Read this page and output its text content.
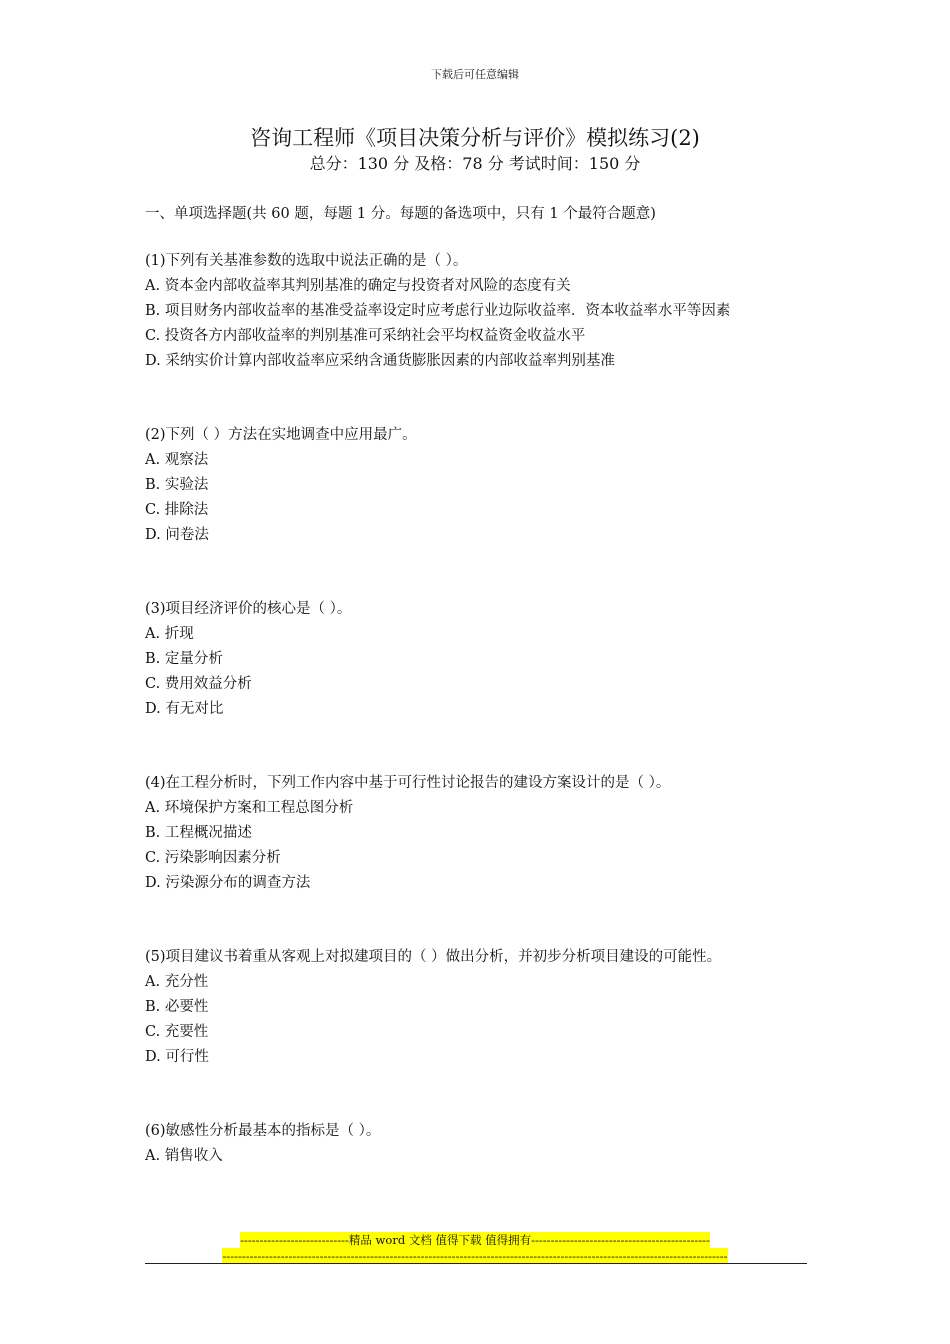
下载后可任意编辑
咨询工程师《项目决策分析与评价》模拟练习(2)
总分：130 分 及格：78 分 考试时间：150 分
一、单项选择题(共 60 题，每题 1 分。每题的备选项中，只有 1 个最符合题意)
(1)下列有关基准参数的选取中说法正确的是（ ）。
A. 资本金内部收益率其判别基准的确定与投资者对风险的态度有关
B. 项目财务内部收益率的基准受益率设定时应考虑行业边际收益率．资本收益率水平等因素
C. 投资各方内部收益率的判别基准可采纳社会平均权益资金收益水平
D. 采纳实价计算内部收益率应采纳含通货膨胀因素的内部收益率判别基准
(2)下列（ ）方法在实地调查中应用最广。
A. 观察法
B. 实验法
C. 排除法
D. 问卷法
(3)项目经济评价的核心是（ ）。
A. 折现
B. 定量分析
C. 费用效益分析
D. 有无对比
(4)在工程分析时，下列工作内容中基于可行性讨论报告的建设方案设计的是（ ）。
A. 环境保护方案和工程总图分析
B. 工程概况描述
C. 污染影响因素分析
D. 污染源分布的调查方法
(5)项目建议书着重从客观上对拟建项目的（ ）做出分析，并初步分析项目建设的可能性。
A. 充分性
B. 必要性
C. 充要性
D. 可行性
(6)敏感性分析最基本的指标是（ ）。
A. 销售收入
----------------------------精品 word 文档 值得下载 值得拥有----------------------------------------------
----------------------------------------------------------------------------------------------------------------------------------
